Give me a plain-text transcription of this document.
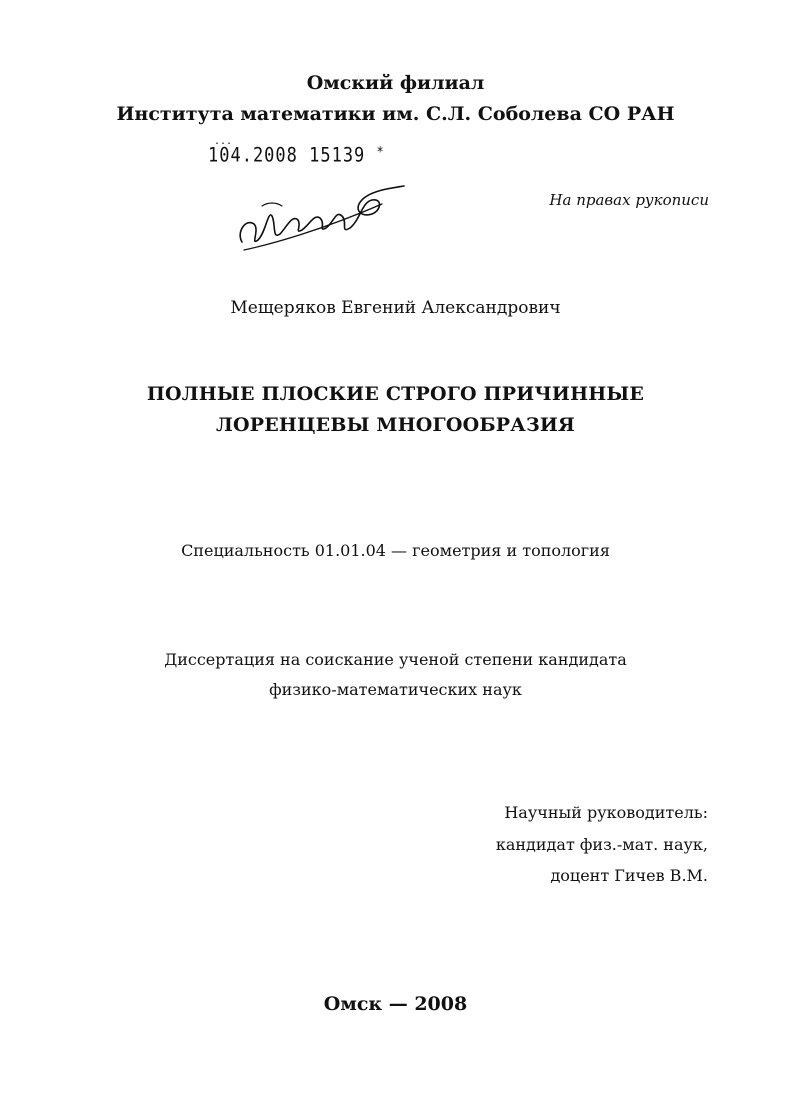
Омский филиал
Института математики им. С.Л. Соболева СО РАН
...
104.2008 15139 *
На правах рукописи
Мещеряков Евгений Александрович
ПОЛНЫЕ ПЛОСКИЕ СТРОГО ПРИЧИННЫЕ
ЛОРЕНЦЕВЫ МНОГООБРАЗИЯ
Специальность 01.01.04 — геометрия и топология
Диссертация на соискание ученой степени кандидата
физико-математических наук
Научный руководитель:
кандидат физ.-мат. наук,
доцент Гичев В.М.
Омск — 2008
